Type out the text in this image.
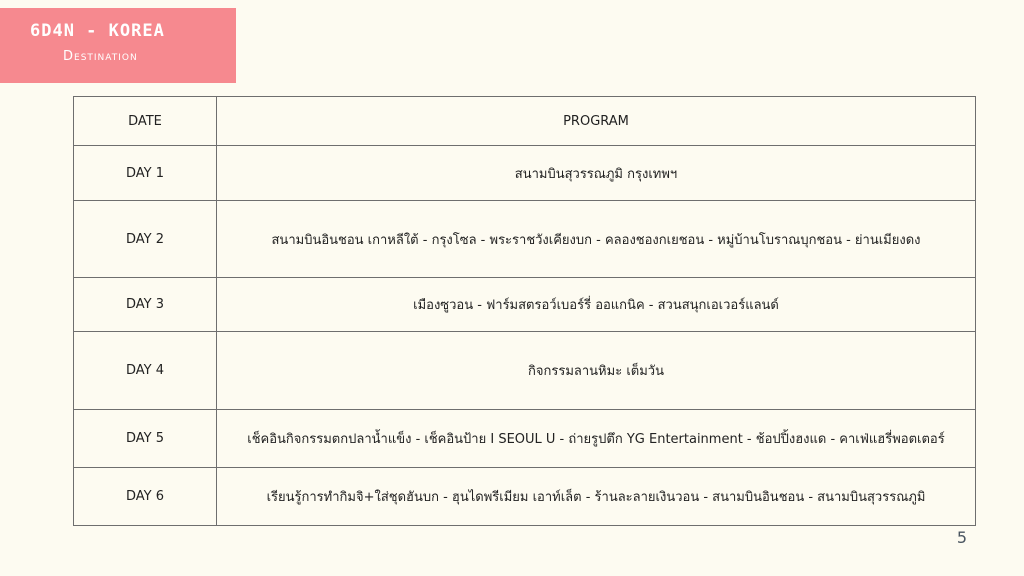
6D4N - KOREA
Destination
DATE	PROGRAM
DAY 1	สนามบินสุวรรณภูมิ กรุงเทพฯ
DAY 2	สนามบินอินชอน เกาหลีใต้ - กรุงโซล - พระราชวังเคียงบก - คลองชองกเยชอน - หมู่บ้านโบราณบุกชอน - ย่านเมียงดง
DAY 3	เมืองซูวอน - ฟาร์มสตรอว์เบอร์รี่ ออแกนิค - สวนสนุกเอเวอร์แลนด์
DAY 4	กิจกรรมลานหิมะ เต็มวัน
DAY 5	เช็คอินกิจกรรมตกปลาน้ำแข็ง - เช็คอินป้าย I SEOUL U - ถ่ายรูปตึก YG Entertainment - ช้อปปิ้งฮงแด - คาเฟ่แฮรี่พอตเตอร์
DAY 6	เรียนรู้การทำกิมจิ+ใส่ชุดฮันบก - ฮุนไดพรีเมียม เอาท์เล็ต - ร้านละลายเงินวอน - สนามบินอินชอน - สนามบินสุวรรณภูมิ
5
